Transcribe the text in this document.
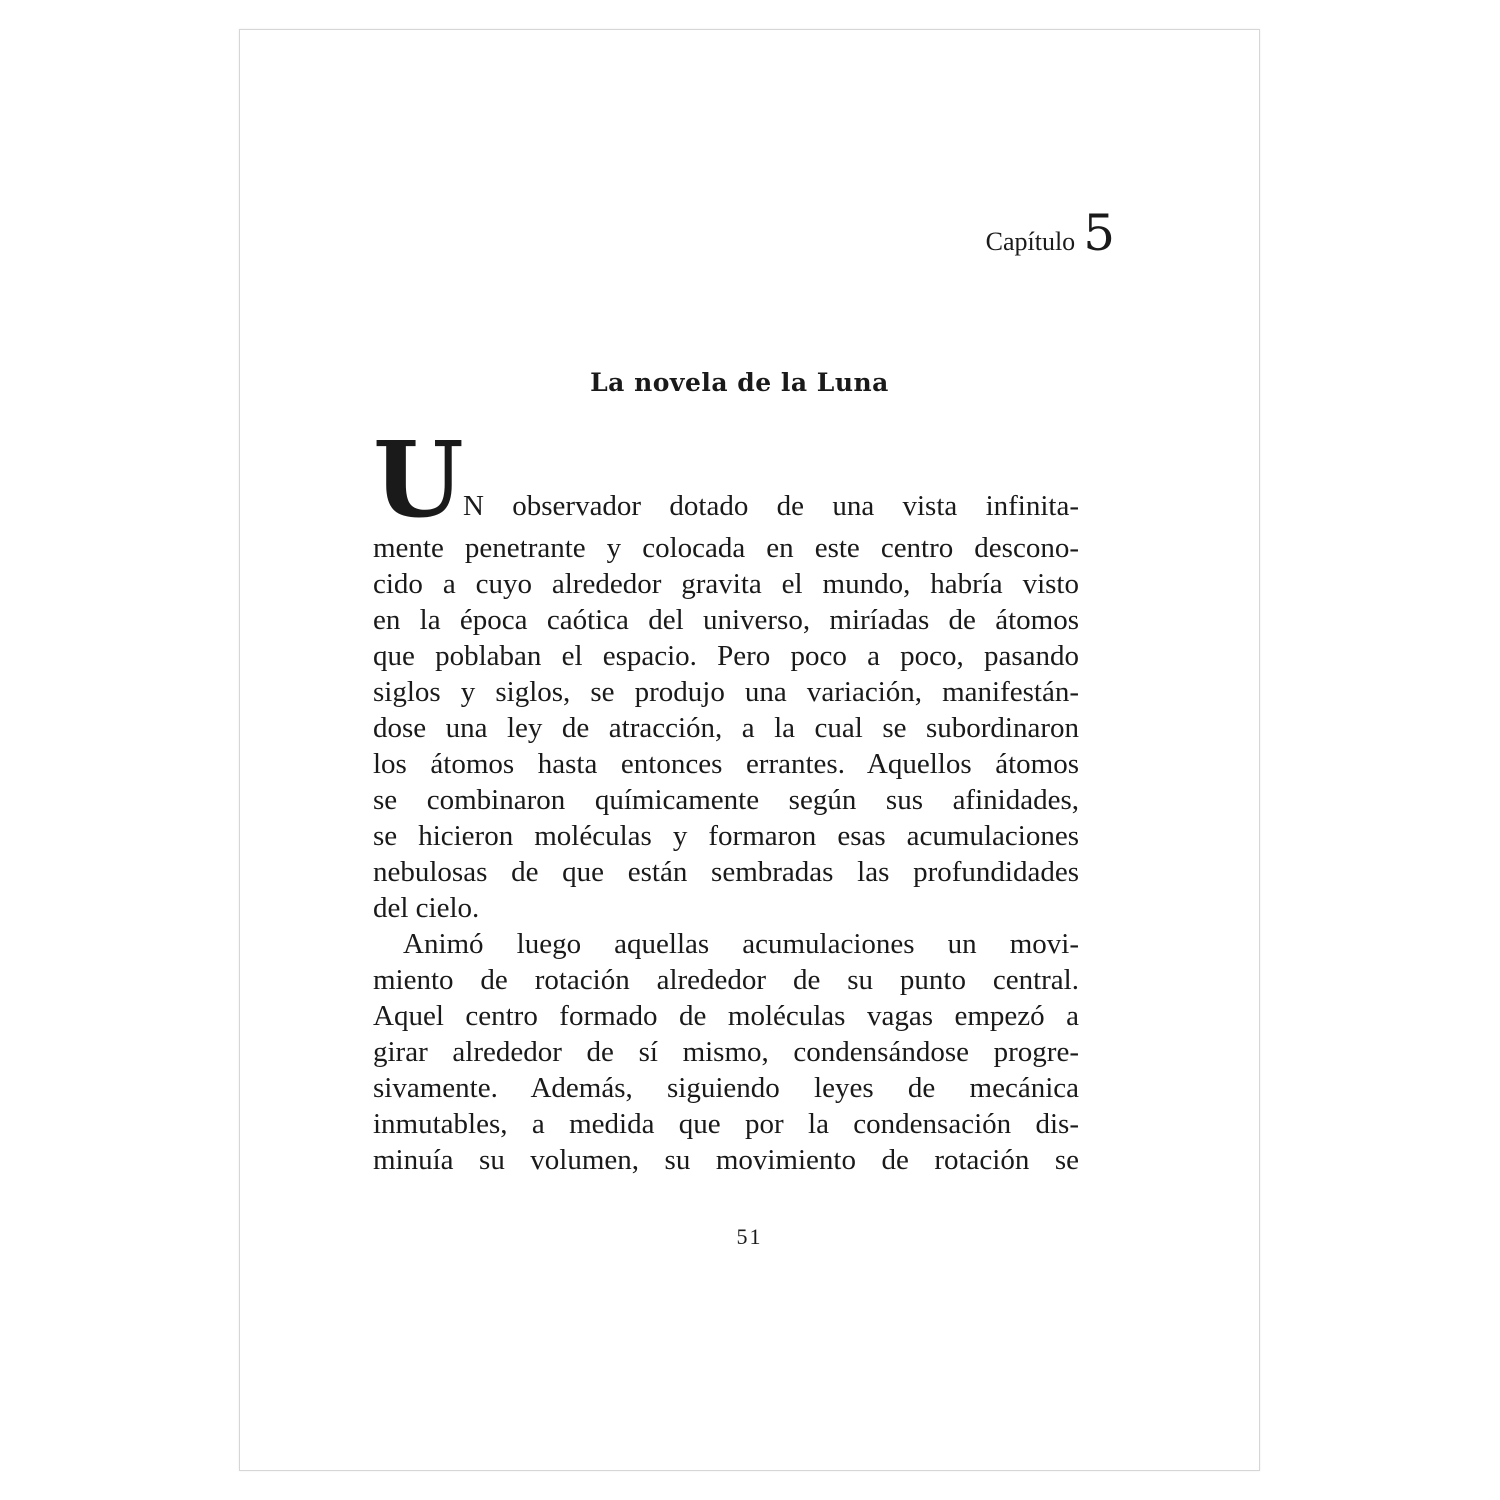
Capítulo 5
La novela de la Luna
U N observador dotado de una vista infinita-
mente penetrante y colocada en este centro descono-
cido a cuyo alrededor gravita el mundo, habría visto
en la época caótica del universo, miríadas de átomos
que poblaban el espacio. Pero poco a poco, pasando
siglos y siglos, se produjo una variación, manifestán-
dose una ley de atracción, a la cual se subordinaron
los átomos hasta entonces errantes. Aquellos átomos
se combinaron químicamente según sus afinidades,
se hicieron moléculas y formaron esas acumulaciones
nebulosas de que están sembradas las profundidades
del cielo.
Animó luego aquellas acumulaciones un movi-
miento de rotación alrededor de su punto central.
Aquel centro formado de moléculas vagas empezó a
girar alrededor de sí mismo, condensándose progre-
sivamente. Además, siguiendo leyes de mecánica
inmutables, a medida que por la condensación dis-
minuía su volumen, su movimiento de rotación se
51
